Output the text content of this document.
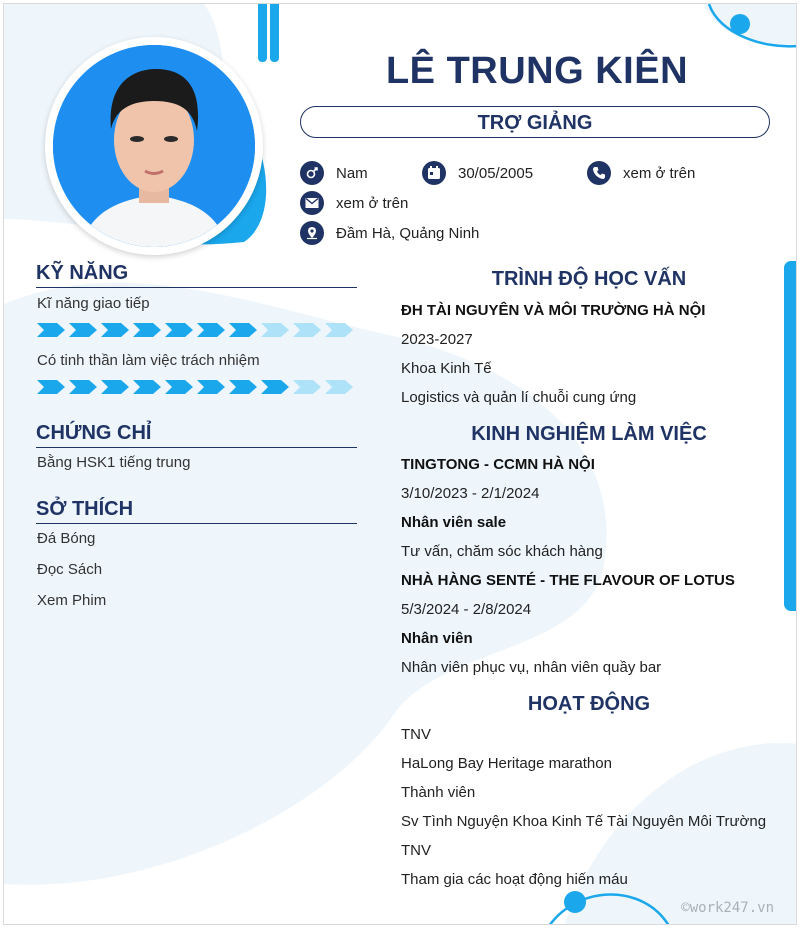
LÊ TRUNG KIÊN
TRỢ GIẢNG
Nam	30/05/2005	xem ở trên
xem ở trên
Đầm Hà, Quảng Ninh
KỸ NĂNG
Kĩ năng giao tiếp
Có tinh thần làm việc trách nhiệm
CHỨNG CHỈ
Bằng HSK1 tiếng trung
SỞ THÍCH
Đá Bóng
Đọc Sách
Xem Phim
TRÌNH ĐỘ HỌC VẤN
ĐH TÀI NGUYÊN VÀ MÔI TRƯỜNG HÀ NỘI
2023-2027
Khoa Kinh Tế
Logistics và quản lí chuỗi cung ứng
KINH NGHIỆM LÀM VIỆC
TINGTONG - CCMN HÀ NỘI
3/10/2023 - 2/1/2024
Nhân viên sale
Tư vấn, chăm sóc khách hàng
NHÀ HÀNG SENTÉ - THE FLAVOUR OF LOTUS
5/3/2024 - 2/8/2024
Nhân viên
Nhân viên phục vụ, nhân viên quầy bar
HOẠT ĐỘNG
TNV
HaLong Bay Heritage marathon
Thành viên
Sv Tình Nguyện Khoa Kinh Tế Tài Nguyên Môi Trường
TNV
Tham gia các hoạt động hiến máu
©work247.vn
